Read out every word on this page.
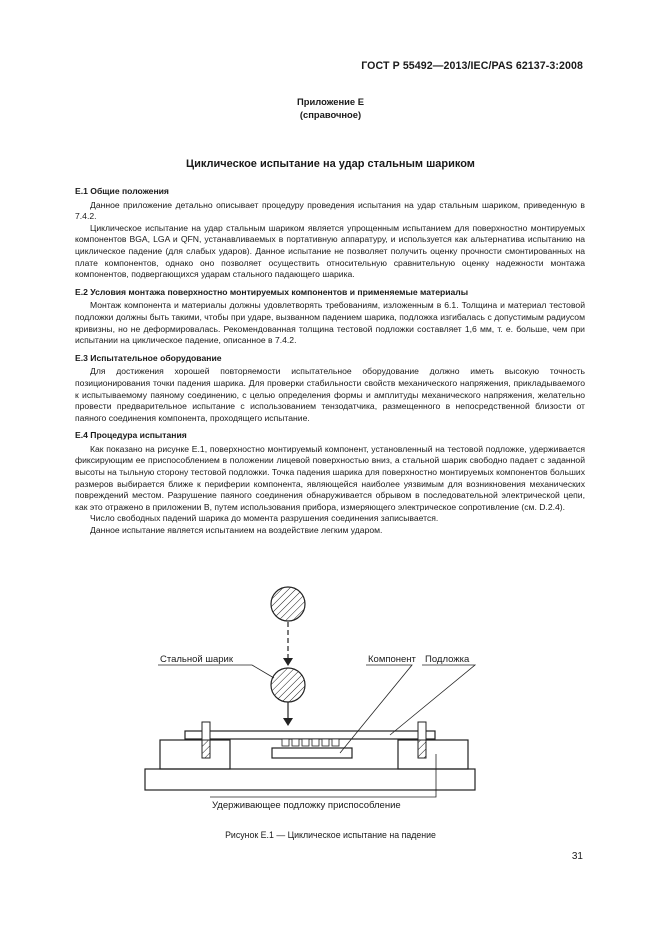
ГОСТ Р 55492—2013/IEC/PAS 62137-3:2008
Приложение Е
(справочное)
Циклическое испытание на удар стальным шариком
Е.1 Общие положения

Данное приложение детально описывает процедуру проведения испытания на удар стальным шариком, приведенную в 7.4.2.

Циклическое испытание на удар стальным шариком является упрощенным испытанием для поверхностно монтируемых компонентов BGA, LGA и QFN, устанавливаемых в портативную аппаратуру, и используется как альтернатива испытанию на циклическое падение (для слабых ударов). Данное испытание не позволяет получить оценку прочности смонтированных на плате компонентов, однако оно позволяет осуществить относительную сравнительную оценку надежности монтажа компонентов, подвергающихся ударам стального падающего шарика.

Е.2 Условия монтажа поверхностно монтируемых компонентов и применяемые материалы

Монтаж компонента и материалы должны удовлетворять требованиям, изложенным в 6.1. Толщина и материал тестовой подложки должны быть такими, чтобы при ударе, вызванном падением шарика, подложка изгибалась с допустимым радиусом кривизны, но не деформировалась. Рекомендованная толщина тестовой подложки составляет 1,6 мм, т. е. больше, чем при испытании на циклическое падение, описанное в 7.4.2.

Е.3 Испытательное оборудование

Для достижения хорошей повторяемости испытательное оборудование должно иметь высокую точность позиционирования точки падения шарика. Для проверки стабильности свойств механического напряжения, прикладываемого к испытываемому паяному соединению, с целью определения формы и амплитуды механического напряжения, желательно провести предварительное испытание с использованием тензодатчика, размещенного в непосредственной близости от паяного соединения компонента, проходящего испытание.

Е.4 Процедура испытания

Как показано на рисунке Е.1, поверхностно монтируемый компонент, установленный на тестовой подложке, удерживается фиксирующим ее приспособлением в положении лицевой поверхностью вниз, а стальной шарик свободно падает с заданной высоты на тыльную сторону тестовой подложки. Точка падения шарика для поверхностно монтируемых компонентов больших размеров выбирается ближе к периферии компонента, являющейся наиболее уязвимым для возникновения механических повреждений местом. Разрушение паяного соединения обнаруживается обрывом в последовательной электрической цепи, как это отражено в приложении В, путем использования прибора, измеряющего электрическое сопротивление (см. D.2.4).

Число свободных падений шарика до момента разрушения соединения записывается.

Данное испытание является испытанием на воздействие легким ударом.

Стальной шарик	Компонент Подложка
Удерживающее подложку приспособление
Рисунок Е.1 — Циклическое испытание на падение
31
